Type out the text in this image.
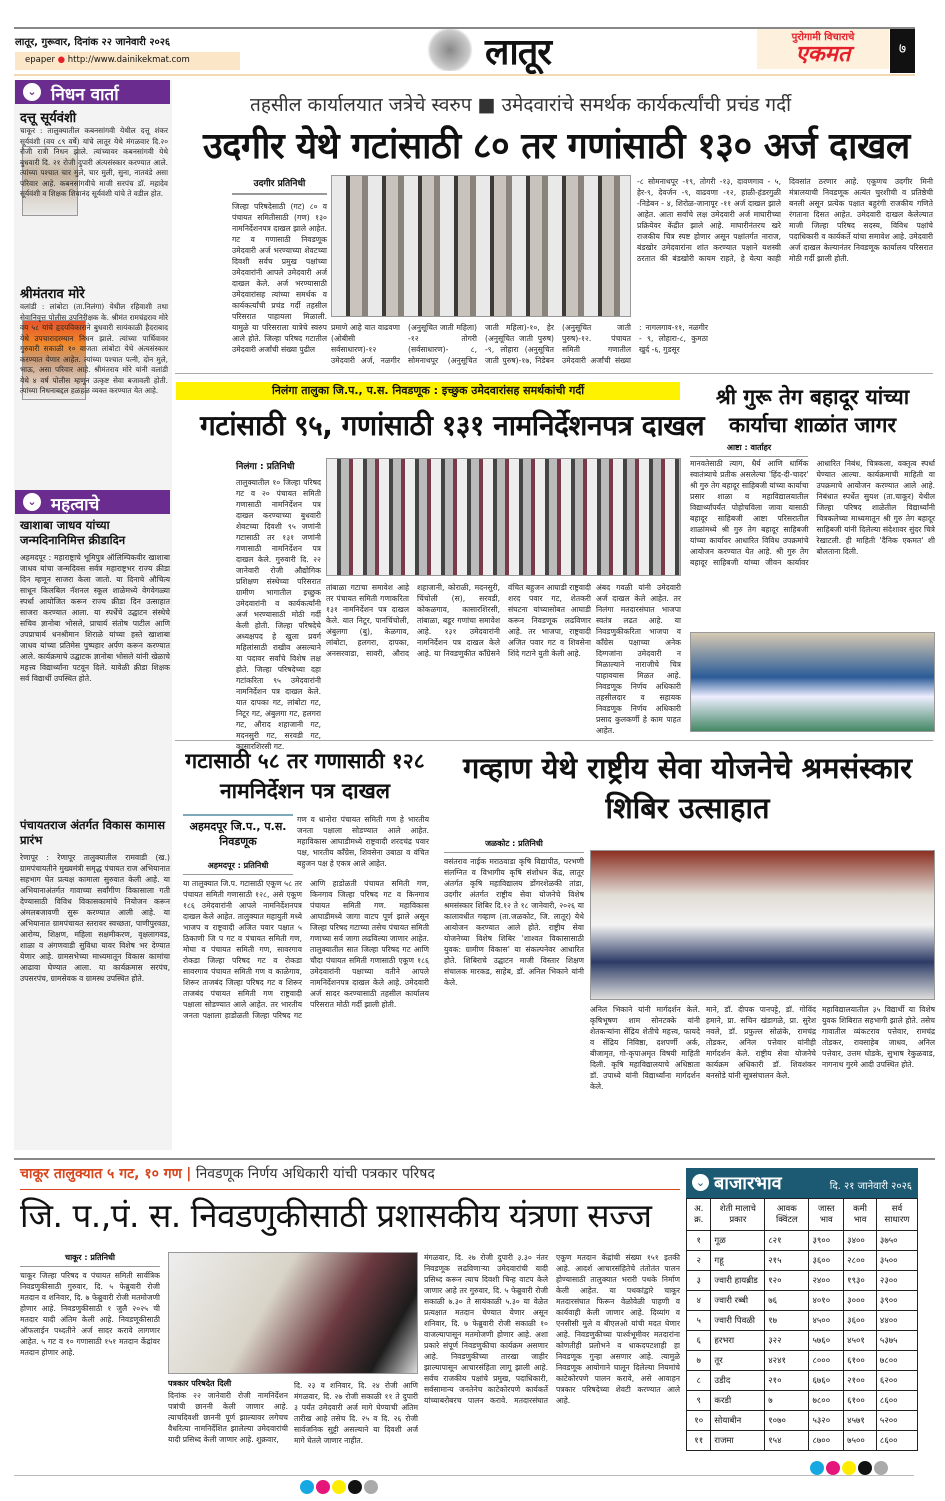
लातूर, गुरूवार, दिनांक २२ जानेवारी २०२६
epaper ● http://www.dainikekmat.com	लातूर	पुरोगामी विचाराचे
एकमत	७
⌄ निधन वार्ता
दत्तू सूर्यवंशी
चाकूर : तालुक्यातील कबनसांगवी येथील दत्तू शंकर सूर्यवंशी (वय ८९ वर्षे) यांचे लातूर येथे मंगळवार दि.२० रोजी रात्री निधन झाले. त्यांच्यावर कबनसांगवी येथे बुधवारी दि. २१ रोजी दुपारी अंत्यसंस्कार करण्यात आले. त्यांच्या पश्चात चार मुले, चार मुली, सुना, नातवंडे असा परिवार आहे. कबनसांगवीचे माजी सरपंच डॉ. महादेव सूर्यवंशी व शिक्षक शिवानंद सूर्यवंशी यांचे ते वडील होत.
श्रीमंतराव मोरे
वलांडी : लांबोटा (ता.निलंगा) येथील रहिवाशी तथा सेवानिवृत्त पोलीस उपनिरीक्षक के. श्रीमंत रामचंद्रराव मोरे वय ५८ यांचे हृदयविकाराने बुधवारी सायंकाळी हैदराबाद येथे उपचारादरम्यान निधन झाले. त्यांच्या पार्थिवावर गुरुवारी सकाळी १० वाजता लांबोटा येथे अंत्यसंस्कार करण्यात येणार आहेत. त्यांच्या पश्चात पत्नी, दोन मुले, भाऊ, असा परिवार आहे. श्रीमंतराव मोरे यांनी वलांडी येथे ४ वर्ष पोलीस म्हणून उत्कृष्ट सेवा बजावली होती. त्यांच्या निधनाबद्दल हळहळ व्यक्त करण्यात येत आहे.
⌄ महत्वाचे
खाशाबा जाधव यांच्या जन्मदिनानिमित्त क्रीडादिन
अहमदपूर : महाराष्ट्राचे भूमिपुत्र ऑलिम्पिकवीर खाशाबा जाधव यांचा जन्मदिवस सर्वत्र महाराष्ट्रभर राज्य क्रीडा दिन म्हणून साजरा केला जातो. या दिनाचे औचित्य साधून किलबिल नॅशनल स्कूल शाळेमध्ये वेगवेगळ्या स्पर्धा आयोजित करून राज्य क्रीडा दिन उत्साहात साजरा करण्यात आला. या स्पर्धेचे उद्घाटन संस्थेचे सचिव ज्ञानोबा भोसले, प्राचार्य संतोष पाटील आणि उपप्राचार्य धनश्रीमान शिराळे यांच्या हस्ते खाशाबा जाधव यांच्या प्रतिमेस पुष्पहार अर्पण करून करण्यात आले. कार्यक्रमाचे उद्घाटक ज्ञानोबा भोसले यांनी खेळाचे महत्त्व विद्यार्थ्यांना पटवून दिले. यावेळी क्रीडा शिक्षक सर्व विद्यार्थी उपस्थित होते.
पंचायतराज अंतर्गत विकास कामास प्रारंभ
रेणापूर : रेणापूर तालुक्यातील रामवाडी (ख.) ग्रामपंचायतीने मुख्यमंत्री समृद्ध पंचायत राज अभियानात सहभाग घेत प्रत्यक्ष कामाला सुरुवात केली आहे. या अभियानाअंतर्गत गावाच्या सर्वांगीण विकासाला गती देण्यासाठी विविध विकासकामांचे नियोजन करून अंमलबजावणी सुरू करण्यात आली आहे. या अभियानात ग्रामपंचायत स्तरावर स्वच्छता, पाणीपुरवठा, आरोग्य, शिक्षण, महिला सक्षमीकरण, वृक्षलागवड, शाळा व अंगणवाडी सुविधा यावर विशेष भर देण्यात येणार आहे. ग्रामसभेच्या माध्यमातून विकास कामांचा आढावा घेण्यात आला. या कार्यक्रमास सरपंच, उपसरपंच, ग्रामसेवक व ग्रामस्थ उपस्थित होते.
तहसील कार्यालयात जत्रेचे स्वरुप ■ उमेदवारांचे समर्थक कार्यकर्त्यांची प्रचंड गर्दी
उदगीर येथे गटांसाठी ८० तर गणांसाठी १३० अर्ज दाखल
उदगीर प्रतिनिधी
जिल्हा परिषदेसाठी (गट) ८० व पंचायत समितीसाठी (गण) १३० नामनिर्देशनपत्र दाखल झाले आहेत. गट व गणासाठी निवडणूक उमेदवारी अर्ज भरण्याच्या शेवटच्या दिवशी सर्वच प्रमुख पक्षांच्या उमेदवारांनी आपले उमेदवारी अर्ज दाखल केले. अर्ज भरण्यासाठी उमेदवारांसह त्यांच्या समर्थक व कार्यकर्त्यांची प्रचंड गर्दी तहसील परिसरात पाहायला मिळाली. यामुळे या परिसराला यात्रेचे स्वरुप आले होते. जिल्हा परिषद गटातील उमेदवारी अर्जांची संख्या पुढील
प्रमाणे आहे यात वाढवणा (ओबीसी सर्वसाधारण)-१२ उमेदवारी अर्ज, नळगीर (अनुसूचित जाती महिला) -१२ तोगरी (सर्वसाधारण)- ८, सोमनाथपूर (अनुसूचित जाती महिला)-१०, हेर (अनुसूचित जाती पुरुष) -९, लोहारा (अनुसूचित जाती पुरुष)-१७, निडेबन (अनुसूचित जाती पुरुष)-१२. पंचायत समिती गणातील उमेदवारी अर्जांची संख्या : नागलगाव-११, नळगीर - ९, लोहारा-८, कुमठा खुर्द -६, गुडसूर
-८ सोमनाथपूर -१९, तोगरी -१३, दावणगाव - ५, हेर-९, देवर्जन -९, वाढवणा -१२, हाळी-हंडरगुळी -निडेबन - ४, शिरोळ-जानापूर -११ अर्ज दाखल झाले आहेत. आता सर्वांचे लक्ष उमेदवारी अर्ज माघारीच्या प्रक्रियेवर केंद्रीत झाले आहे. माघारीनंतरच खरे राजकीय चित्र स्पष्ट होणार असून पक्षांतर्गत नाराज, बंडखोर उमेदवारांना शांत करण्यात पक्षाने यशस्वी ठरतात की बंडखोरी कायम राहते, हे येत्या काही दिवसांत ठरणार आहे. एकूणच उदगीर मिनी मंत्रालयाची निवडणूक अत्यंत चुरशीची व प्रतिष्ठेची बनली असून प्रत्येक पक्षात बहुरंगी राजकीय गणिते रंगताना दिसत आहेत. उमेदवारी दाखल केलेल्यात माजी जिल्हा परिषद सदस्य, विविध पक्षांचे पदाधिकारी व कार्यकर्ते यांचा समावेश आहे. उमेदवारी अर्ज दाखल केल्यानंतर निवडणूक कार्यालय परिसरात मोठी गर्दी झाली होती.
निलंगा तालुका जि.प., प.स. निवडणूक : इच्छुक उमेदवारांसह समर्थकांची गर्दी
गटांसाठी ९५, गणांसाठी १३१ नामनिर्देशनपत्र दाखल
निलंगा : प्रतिनिधी
तालुक्यातील १० जिल्हा परिषद गट व २० पंचायत समिती गणासाठी नामनिर्देशन पत्र दाखल करण्याच्या बुधवारी शेवटच्या दिवशी ९५ जणांनी गटासाठी तर १३१ जणांनी गणासाठी नामनिर्देशन पत्र दाखल केले. गुरुवारी दि. २२ जानेवारी रोजी औद्योगिक प्रशिक्षण संस्थेच्या परिसरात ग्रामीण भागातील इच्छुक उमेदवारांनी व कार्यकर्त्यांनी अर्ज भरण्यासाठी मोठी गर्दी केली होती. जिल्हा परिषदेचे अध्यक्षपद हे खुला प्रवर्ग महिलांसाठी राखीव असल्याने या पदावर सर्वांचे विशेष लक्ष होते. जिल्हा परिषदेच्या दहा गटांकरिता ९५ उमेदवारांनी नामनिर्देशन पत्र दाखल केले. यात दापका गट, लांबोटा गट, निटूर गट, अंबुलगा गट, हलगरा गट, औराद शहाजानी गट, मदनसुरी गट, सरवडी गट, कासारशिरसी गट.
तांबाळा गटाचा समावेश आहे तर पंचायत समिती गणाकरिता १३१ नामनिर्देशन पत्र दाखल केले. यात निटूर, पानचिंचोली, अंबुलगा (बु), केळगाव, लांबोटा, हलगरा, दापका, अनसरवाडा, सावरी, औराद शहाजानी, कोराळी, मदनसुरी, चिंचोली (स), सरवडी, कोकळगाव, कासारशिरसी, तांबाळा, बडूर गणांचा समावेश आहे. १३१ उमेदवारांनी नामनिर्देशन पत्र दाखल केले आहे. या निवडणुकीत काँग्रेसने वंचित बहुजन आघाडी राष्ट्रवादी शरद पवार गट, शेतकरी संघटना यांच्यासोबत आघाडी करून निवडणूक लढविणार आहे. तर भाजपा, राष्ट्रवादी अजित पवार गट व शिवसेना शिंदे गटाने युती केली आहे.
अंबद गवळी यांनी उमेदवारी अर्ज दाखल केले आहेत. तर निलंगा मतदारसंघात भाजपा स्वतंत्र लढत आहे. या निवडणुकीकरिता भाजपा व काँग्रेस पक्षाच्या अनेक दिग्गजांना उमेदवारी न मिळाल्याने नाराजीचे चित्र पाहावयास मिळत आहे. निवडणूक निर्णय अधिकारी तहसीलदार व सहायक निवडणूक निर्णय अधिकारी प्रसाद कुलकर्णी हे काम पाहत आहेत.
श्री गुरू तेग बहादूर यांच्या कार्याचा शाळांत जागर
आष्टा : वार्ताहर
मानवतेसाठी त्याग, धैर्य आणि धार्मिक स्वातंत्र्याचे प्रतीक असलेल्या 'हिंद-दी-चादर' श्री गुरु तेग बहादूर साहिबजी यांच्या कार्याचा प्रसार शाळा व महाविद्यालयातील विद्यार्थ्यांपर्यंत पोहोचविला जावा यासाठी बहादूर साहिबजी आष्टा परिसरातील शाळांमध्ये श्री गुरु तेग बहादूर साहिबजी यांच्या कार्यावर आधारित विविध उपक्रमांचे आयोजन करण्यात येत आहे. श्री गुरु तेग बहादूर साहिबजी यांच्या जीवन कार्यावर आधारित निबंध, चित्रकला, वक्तृत्व स्पर्धा घेण्यात आल्या. कार्यक्रमाची माहिती वा उपक्रमाचे आयोजन करण्यात आले आहे. निबंधात स्पर्धेत सुयश (ता.चाकूर) येथील जिल्हा परिषद शाळेतील विद्यार्थ्यांनी चित्रकलेच्या माध्यमातून श्री गुरु तेग बहादूर साहिबजी यांनी दिलेल्या संदेशावर सुंदर चित्रे रेखाटली. ही माहिती 'दैनिक एकमत' शी बोलताना दिली.
गटासाठी ५८ तर गणासाठी १२८ नामनिर्देशन पत्र दाखल
अहमदपूर जि.प., प.स. निवडणूक
गण व धानोरा पंचायत समिती गण हे भारतीय जनता पक्षाला सोडण्यात आले आहेत. महाविकास आघाडीमध्ये राष्ट्रवादी शरदचंद्र पवार पक्ष, भारतीय काँग्रेस, शिवसेना उबाठा व वंचित बहुजन पक्ष हे एकत्र आले आहेत.
अहमदपूर : प्रतिनिधी
या तालुक्यात जि.प. गटासाठी एकूण ५८ तर पंचायत समिती गणासाठी १२८, असे एकूण १८६ उमेदवारांनी आपले नामनिर्देशनपत्र दाखल केले आहेत. तालुक्यात महायुती मध्ये भाजप व राष्ट्रवादी अजित पवार पक्षात ५ ठिकाणी जि प गट व पंचायत समिती गण, मोघा व पंचायत समिती गण, सावरगाव रोकडा जिल्हा परिषद गट व रोकडा सावरगाव पंचायत समिती गण व काळेगाव, शिरूर ताजबंद जिल्हा परिषद गट व शिरूर ताजबंद पंचायत समिती गण राष्ट्रवादी पक्षाला सोडण्यात आले आहेत. तर भारतीय जनता पक्षाला हाडोळती जिल्हा परिषद गट आणि हाडोळती पंचायत समिती गण, किनगाव जिल्हा परिषद गट व किनगाव पंचायत समिती गण. महाविकास आघाडीमध्ये जागा वाटप पूर्ण झाले असून जिल्हा परिषद गटाच्या तसेच पंचायत समिती गणाच्या सर्व जागा लढविल्या जाणार आहेत. तालुक्यातील सात जिल्हा परिषद गट आणि चौदा पंचायत समिती गणासाठी एकूण १८६ उमेदवारांनी पक्षाच्या वतीने आपले नामनिर्देशनपत्र दाखल केले आहे. उमेदवारी अर्ज सादर करण्यासाठी तहसील कार्यालय परिसरात मोठी गर्दी झाली होती.
गव्हाण येथे राष्ट्रीय सेवा योजनेचे श्रमसंस्कार शिबिर उत्साहात
जळकोट : प्रतिनिधी
वसंतराव नाईक मराठवाडा कृषि विद्यापीठ, परभणी संलग्नित व विभागीय कृषि संशोधन केंद्र, लातूर अंतर्गत कृषि महाविद्यालय डोंगरशेळकी तांडा, उदगीर अंतर्गत राष्ट्रीय सेवा योजनेचे विशेष श्रमसंस्कार शिबिर दि.१२ ते १८ जानेवारी, २०२६ या कालावधीत गव्हाण (ता.जळकोट, जि. लातूर) येथे आयोजन करण्यात आले होते. राष्ट्रीय सेवा योजनेच्या विशेष शिबिर 'शाश्वत विकासासाठी युवक: ग्रामीण विकास' या संकल्पनेवर आधारित होते. शिबिराचे उद्घाटन माजी विस्तार शिक्षण संचालक मारकड, साहेब, डॉ. अनिल भिकाने यांनी केले.
अनिल भिकाने यांनी मार्गदर्शन केले. कृषिभूषण शाम सोनटक्के यांनी शेतकऱ्यांना सेंद्रिय शेतीचे महत्त्व, फायदे व सेंद्रिय निविष्ठा, दशपर्णी अर्क, बीजामृत, गो-कृपाअमृत विषयी माहिती दिली. कृषि महाविद्यालयाचे अधिष्ठाता डॉ. उपाध्ये यांनी विद्यार्थ्यांना मार्गदर्शन केले.
माने, डॉ. दीपक पानपट्टे, डॉ. गोविंद हमाने, प्रा. सचिन खंडागळे, प्रा. सुरेश नवले, डॉ. प्रफुल्ल सोळंके, रामचंद्र तोडकर, अनिल पत्तेवार यांनीही मार्गदर्शन केले. राष्ट्रीय सेवा योजनेचे कार्यक्रम अधिकारी डॉ. शिवशंकर बनसोडे यांनी सूत्रसंचालन केले.
महाविद्यालयातील ३५ विद्यार्थी या विशेष युवक शिबिरात सहभागी झाले होते. तसेच गावातील व्यंकटराव पत्तेवार, रामचंद्र तोडकर, रावसाहेब जाधव, अनिल पत्तेवार, उत्तम घोडके, सुभाष रेकुळवाड, नागनाथ गुरमे आदी उपस्थित होते.
चाकूर तालुक्यात ५ गट, १० गण | निवडणूक निर्णय अधिकारी यांची पत्रकार परिषद
जि. प.,पं. स. निवडणुकीसाठी प्रशासकीय यंत्रणा सज्ज
चाकूर : प्रतिनिधी
चाकूर जिल्हा परिषद व पंचायत समिती सार्वत्रिक निवडणुकीसाठी गुरुवार, दि. ५ फेब्रुवारी रोजी मतदान व शनिवार, दि. ७ फेब्रुवारी रोजी मतमोजणी होणार आहे. निवडणुकीसाठी १ जुलै २०२५ ची मतदार यादी अंतिम केली आहे. निवडणूकीसाठी ऑफलाईन पध्दतीने अर्ज सादर करावे लागणार आहेत. ५ गट व १० गणासाठी १५१ मतदान केंद्रांवर मतदान होणार आहे.
पत्रकार परिषदेत दिली
दिनांक २२ जानेवारी रोजी नामनिर्देशन पत्रांची छाननी केली जाणार आहे. त्याचदिवशी छाननी पूर्ण झाल्यावर लगेचच वैधरित्या नामनिर्देशित झालेल्या उमेदवारांची यादी प्रसिध्द केली जाणार आहे. शुक्रवार,
दि. २३ व शनिवार, दि. २४ रोजी आणि मंगळवार, दि. २७ रोजी सकाळी ११ ते दुपारी ३ पर्यंत उमेदवारी अर्ज मागे घेण्याची अंतिम तारीख आहे तसेच दि. २५ व दि. २६ रोजी सार्वजनिक सुट्टी असल्याने या दिवशी अर्ज मागे घेतले जाणार नाहीत.
मंगळवार, दि. २७ रोजी दुपारी ३.३० नंतर निवडणूक लढविणाऱ्या उमेदवारांची यादी प्रसिध्द करून त्याच दिवशी चिन्ह वाटप केले जाणार आहे तर गुरुवार, दि. ५ फेब्रुवारी रोजी सकाळी ७.३० ते सायंकाळी ५.३० या वेळेत प्रत्यक्षात मतदान घेण्यात येणार असून शनिवार, दि. ७ फेब्रुवारी रोजी सकाळी १० वाजल्यापासून मतमोजणी होणार आहे. अशा प्रकारे संपूर्ण निवडणुकीचा कार्यक्रम असणार आहे. निवडणुकीच्या तारखा जाहीर झाल्यापासून आचारसंहिता लागू झाली आहे. सर्वच राजकीय पक्षांचे प्रमुख, पदाधिकारी, सर्वसामान्य जनतेनेच काटेकोरपणे कार्यकर्ते यांच्याबरोबरच पालन करावे. मतदारसंघात एकूण मतदान केंद्रांची संख्या १५१ इतकी आहे. आदर्श आचारसंहितेचे तंतोतंत पालन होण्यासाठी तालुक्यात भरारी पथके निर्माण केली आहेत. या पथकांद्वारे चाकूर मतदारसंघात फिरून वेळोवेळी पाहणी व कार्यवाही केली जाणार आहे. दिव्यांग व एनसीसी मुले व बीएलओ यांची मदत घेणार आहे. निवडणुकीच्या पार्श्वभूमीवर मतदारांना कोणतीही प्रलोभने व धाकदपटशाही हा निवडणूक गुन्हा असणार आहे. त्यामुळे निवडणूक आयोगाने घालून दिलेल्या नियमांचे काटेकोरपणे पालन करावे, असे आवाहन पत्रकार परिषदेच्या शेवटी करण्यात आले आहे.
⌄ बाजारभाव	दि. २१ जानेवारी २०२६
अ. क्र.	शेती मालाचे प्रकार	आवक क्विंटल	जास्त भाव	कमी भाव	सर्व साधारण
१	गूळ	८२१	३९००	३४००	३७५०
२	गहू	२१५	३६००	२८००	३५००
३	ज्वारी हायब्रीड	१२०	२४००	१९३०	२३००
४	ज्वारी रब्बी	७६	४०१०	३०००	३९००
५	ज्वारी पिवळी	१७	४५००	३६००	४४००
६	हरभरा	३२२	५७६०	४५०१	५३७५
७	तूर	४२४१	८०००	६१००	७८००
८	उडीद	२१०	६७६०	२१००	६२००
९	करडी	७	७८००	६१००	८६००
१०	सोयाबीन	१०७०	५३२०	४५७१	५२००
११	राजमा	१५४	८७००	७५००	८६००
